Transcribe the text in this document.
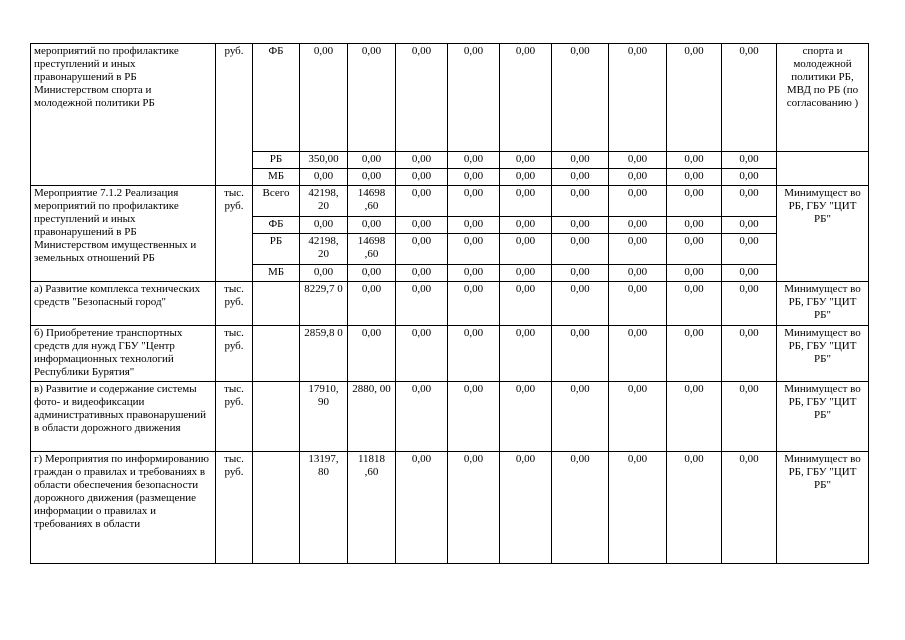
мероприятий по профилактике преступлений и иных правонарушений в РБ Министерством спорта и молодежной политики РБ	руб.	ФБ	0,00	0,00	0,00	0,00	0,00	0,00	0,00	0,00	0,00	спорта и молодежной политики РБ, МВД по РБ (по согласованию )
		РБ	350,00	0,00	0,00	0,00	0,00	0,00	0,00	0,00	0,00	
		МБ	0,00	0,00	0,00	0,00	0,00	0,00	0,00	0,00	0,00	
Мероприятие 7.1.2 Реализация мероприятий по профилактике преступлений и иных правонарушений в РБ Министерством имущественных и земельных отношений РБ	тыс. руб.	Всего	42198, 20	14698 ,60	0,00	0,00	0,00	0,00	0,00	0,00	0,00	Минимущест во РБ, ГБУ "ЦИТ РБ"
		ФБ	0,00	0,00	0,00	0,00	0,00	0,00	0,00	0,00	0,00	
		РБ	42198, 20	14698 ,60	0,00	0,00	0,00	0,00	0,00	0,00	0,00	
		МБ	0,00	0,00	0,00	0,00	0,00	0,00	0,00	0,00	0,00	
а) Развитие комплекса технических средств "Безопасный город"	тыс. руб.		8229,7 0	0,00	0,00	0,00	0,00	0,00	0,00	0,00	0,00	Минимущест во РБ, ГБУ "ЦИТ РБ"
б) Приобретение транспортных средств для нужд ГБУ "Центр информационных технологий Республики Бурятия"	тыс. руб.		2859,8 0	0,00	0,00	0,00	0,00	0,00	0,00	0,00	0,00	Минимущест во РБ, ГБУ "ЦИТ РБ"
в) Развитие и содержание системы фото- и видеофиксации административных правонарушений в области дорожного движения	тыс. руб.		17910, 90	2880, 00	0,00	0,00	0,00	0,00	0,00	0,00	0,00	Минимущест во РБ, ГБУ "ЦИТ РБ"
г) Мероприятия по информированию граждан о правилах и требованиях в области обеспечения безопасности дорожного движения (размещение информации о правилах и требованиях в области	тыс. руб.		13197, 80	11818 ,60	0,00	0,00	0,00	0,00	0,00	0,00	0,00	Минимущест во РБ, ГБУ "ЦИТ РБ"
